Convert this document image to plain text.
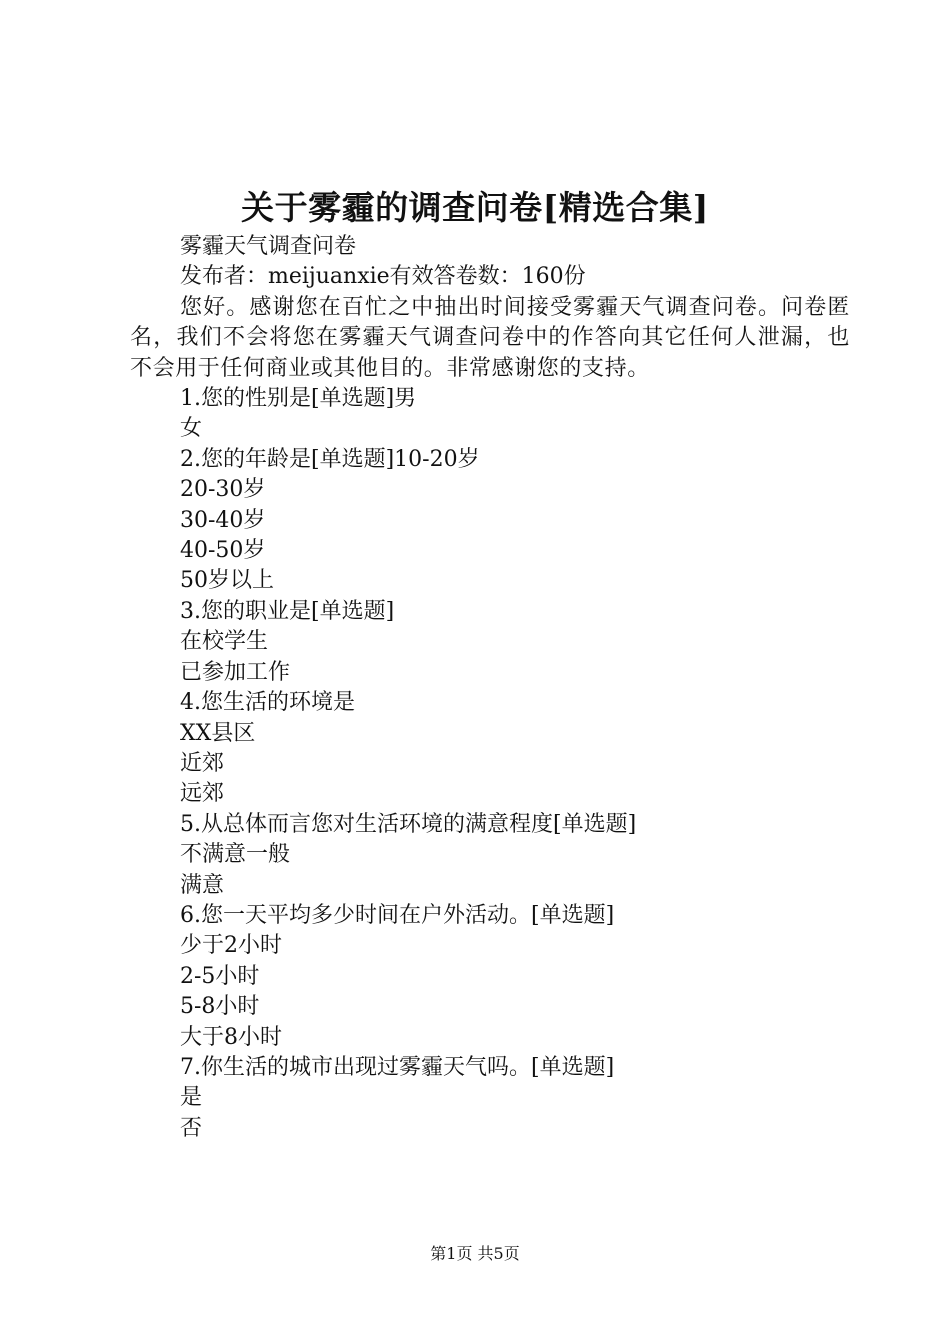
关于雾霾的调查问卷[精选合集]

雾霾天气调查问卷

发布者：meijuanxie有效答卷数：160份

您好。感谢您在百忙之中抽出时间接受雾霾天气调查问卷。问卷匿名，我们不会将您在雾霾天气调查问卷中的作答向其它任何人泄漏，也不会用于任何商业或其他目的。非常感谢您的支持。

1.您的性别是[单选题]男

女

2.您的年龄是[单选题]10-20岁

20-30岁

30-40岁

40-50岁

50岁以上

3.您的职业是[单选题]

在校学生

已参加工作

4.您生活的环境是

XX县区

近郊

远郊

5.从总体而言您对生活环境的满意程度[单选题]

不满意一般

满意

6.您一天平均多少时间在户外活动。[单选题]

少于2小时

2-5小时

5-8小时

大于8小时

7.你生活的城市出现过雾霾天气吗。[单选题]

是

否

第1页 共5页
